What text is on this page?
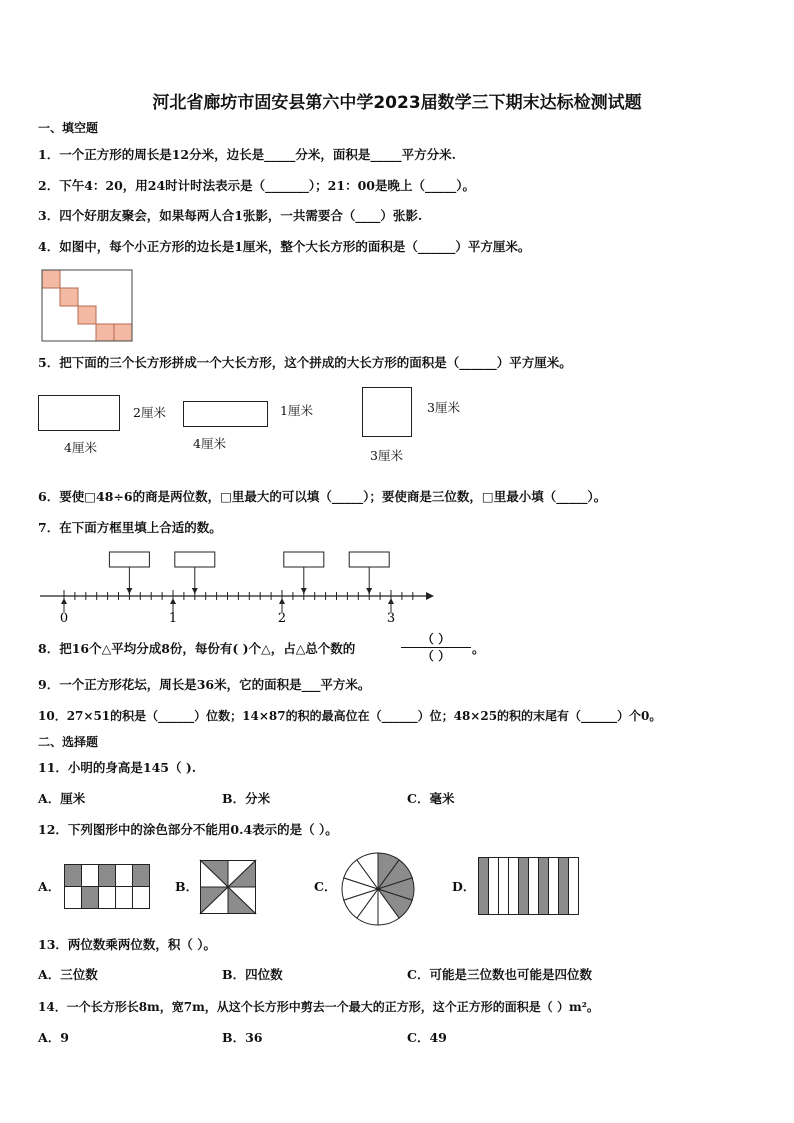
河北省廊坊市固安县第六中学2023届数学三下期末达标检测试题
一、填空题
1．一个正方形的周长是12分米，边长是_____分米，面积是_____平方分米.
2．下午4：20，用24时计时法表示是（_______）；21：00是晚上（_____）。
3．四个好朋友聚会，如果每两人合1张影，一共需要合（____）张影.
4．如图中，每个小正方形的边长是1厘米，整个大长方形的面积是（______）平方厘米。
5．把下面的三个长方形拼成一个大长方形，这个拼成的大长方形的面积是（______）平方厘米。
2厘米
4厘米
1厘米
4厘米
3厘米
3厘米
6．要使□48÷6的商是两位数，□里最大的可以填（_____）；要使商是三位数，□里最小填（_____）。
7．在下面方框里填上合适的数。
0	1	2	3
8．把16个△平均分成8份，每份有( )个△，占△总个数的
（ ）
（ ）	。
9．一个正方形花坛，周长是36米，它的面积是___平方米。
10．27×51的积是（______）位数；14×87的积的最高位在（______）位；48×25的积的末尾有（______）个0。
二、选择题
11．小明的身高是145（ ).
A．厘米	B．分米	C．毫米
12．下列图形中的涂色部分不能用0.4表示的是（ ）。
A．	B．	C．	D．
13．两位数乘两位数，积（ ）。
A．三位数	B．四位数	C．可能是三位数也可能是四位数
14．一个长方形长8m，宽7m，从这个长方形中剪去一个最大的正方形，这个正方形的面积是（ ）m²。
A．9	B．36	C．49
